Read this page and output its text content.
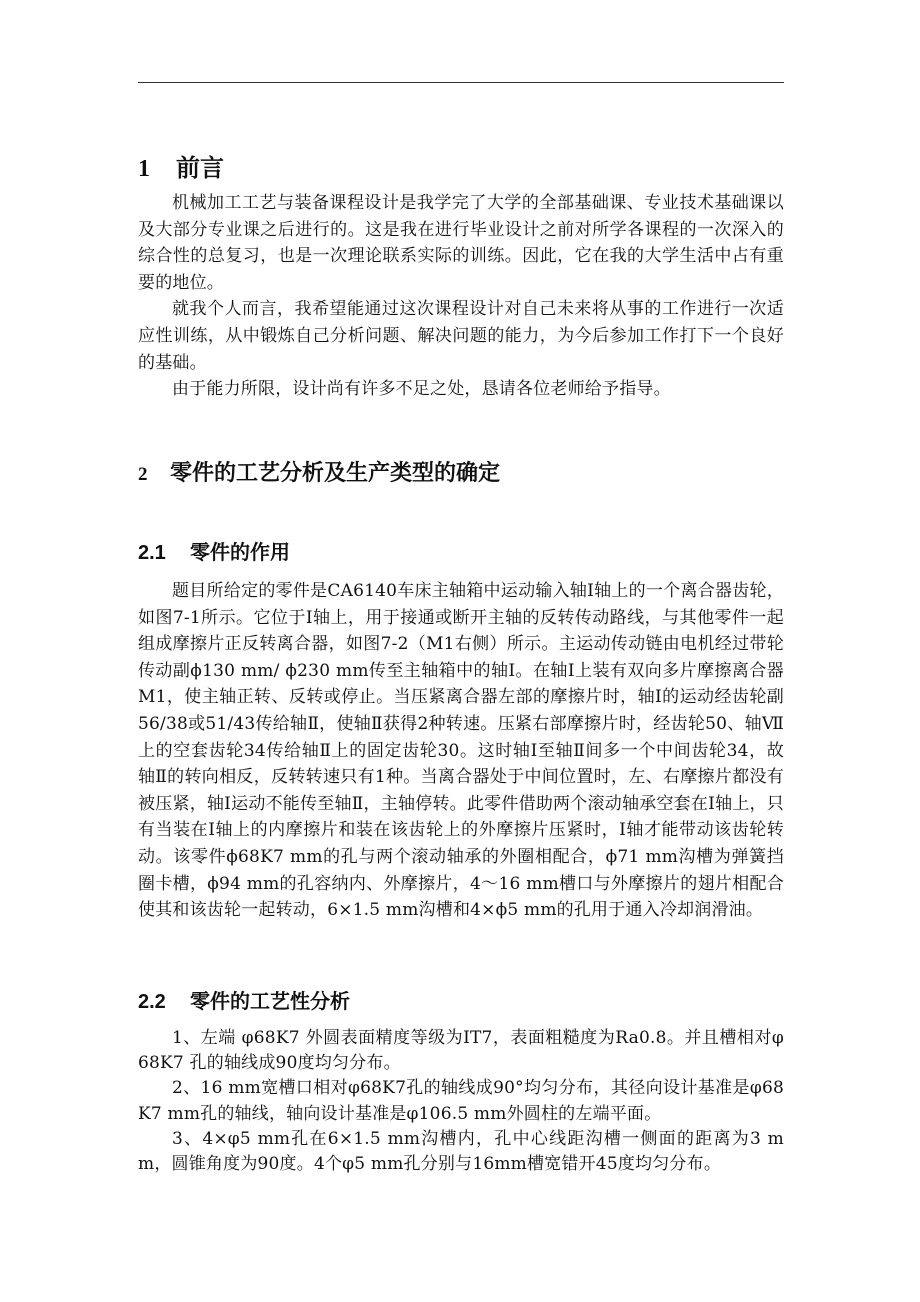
1 前言

机械加工工艺与装备课程设计是我学完了大学的全部基础课、专业技术基础课以及大部分专业课之后进行的。这是我在进行毕业设计之前对所学各课程的一次深入的综合性的总复习，也是一次理论联系实际的训练。因此，它在我的大学生活中占有重要的地位。

就我个人而言，我希望能通过这次课程设计对自己未来将从事的工作进行一次适应性训练，从中锻炼自己分析问题、解决问题的能力，为今后参加工作打下一个良好的基础。

由于能力所限，设计尚有许多不足之处，恳请各位老师给予指导。

2 零件的工艺分析及生产类型的确定
2.1 零件的作用

题目所给定的零件是CA6140车床主轴箱中运动输入轴Ⅰ轴上的一个离合器齿轮，如图7-1所示。它位于Ⅰ轴上，用于接通或断开主轴的反转传动路线，与其他零件一起组成摩擦片正反转离合器，如图7-2（M1右侧）所示。主运动传动链由电机经过带轮传动副ϕ130 mm/ ϕ230 mm传至主轴箱中的轴Ⅰ。在轴Ⅰ上装有双向多片摩擦离合器M1，使主轴正转、反转或停止。当压紧离合器左部的摩擦片时，轴Ⅰ的运动经齿轮副56/38或51/43传给轴Ⅱ，使轴Ⅱ获得2种转速。压紧右部摩擦片时，经齿轮50、轴Ⅶ上的空套齿轮34传给轴Ⅱ上的固定齿轮30。这时轴Ⅰ至轴Ⅱ间多一个中间齿轮34，故轴Ⅱ的转向相反，反转转速只有1种。当离合器处于中间位置时，左、右摩擦片都没有被压紧，轴Ⅰ运动不能传至轴Ⅱ，主轴停转。此零件借助两个滚动轴承空套在Ⅰ轴上，只有当装在Ⅰ轴上的内摩擦片和装在该齿轮上的外摩擦片压紧时，Ⅰ轴才能带动该齿轮转动。该零件ϕ68K7 mm的孔与两个滚动轴承的外圈相配合，ϕ71 mm沟槽为弹簧挡圈卡槽，ϕ94 mm的孔容纳内、外摩擦片，4～16 mm槽口与外摩擦片的翅片相配合使其和该齿轮一起转动，6×1.5 mm沟槽和4×ϕ5 mm的孔用于通入冷却润滑油。

2.2 零件的工艺性分析

1、左端 φ68K7 外圆表面精度等级为IT7，表面粗糙度为Ra0.8。并且槽相对φ68K7 孔的轴线成90度均匀分布。

2、16 mm宽槽口相对φ68K7孔的轴线成90°均匀分布，其径向设计基准是φ68K7 mm孔的轴线，轴向设计基准是φ106.5 mm外圆柱的左端平面。

3、4×φ5 mm孔在6×1.5 mm沟槽内，孔中心线距沟槽一侧面的距离为3 mm，圆锥角度为90度。4个φ5 mm孔分别与16mm槽宽错开45度均匀分布。
